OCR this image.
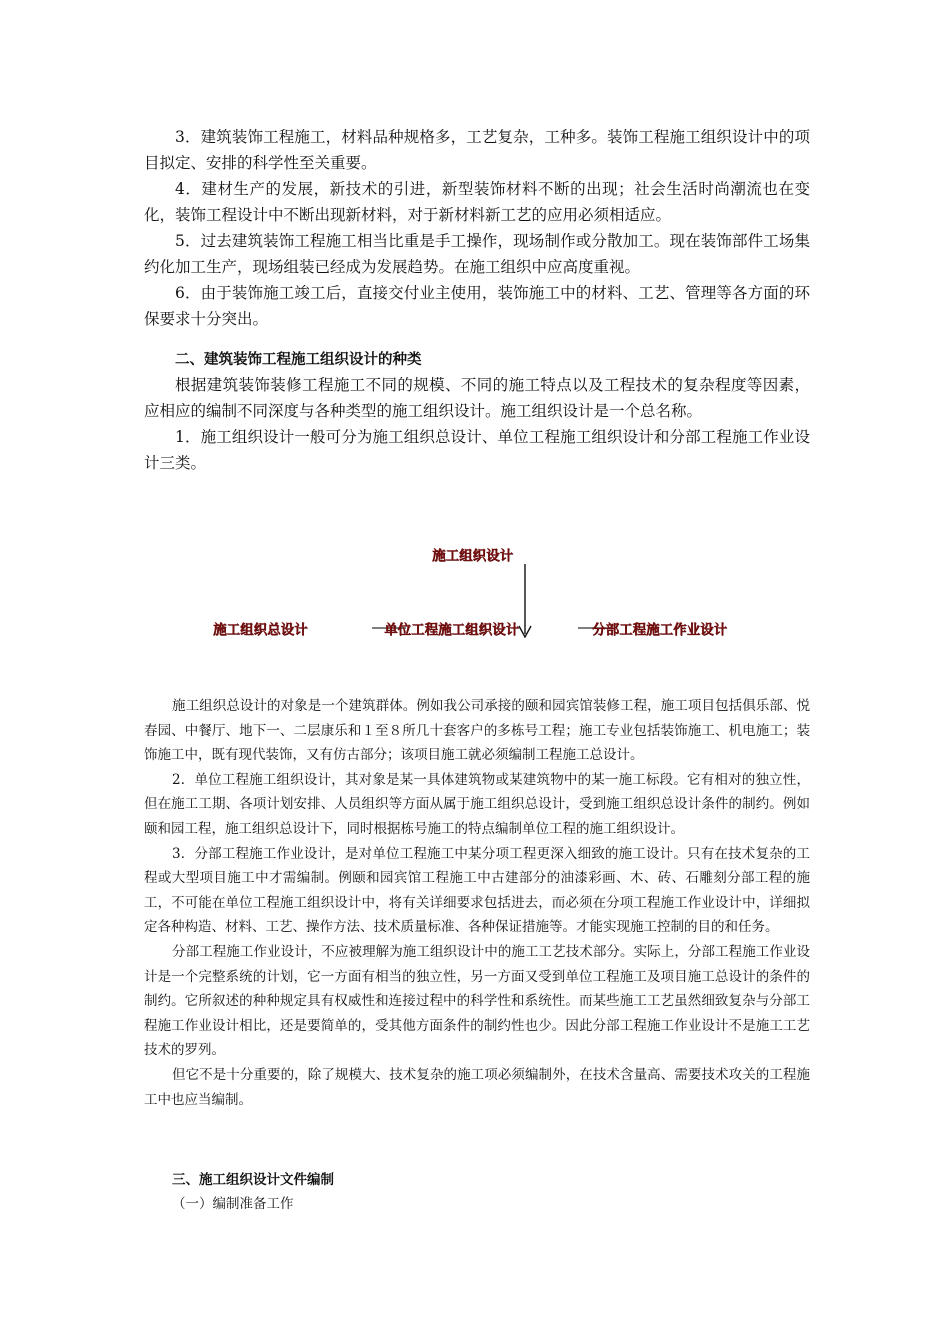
3．建筑装饰工程施工，材料品种规格多，工艺复杂，工种多。装饰工程施工组织设计中的项目拟定、安排的科学性至关重要。

4．建材生产的发展，新技术的引进，新型装饰材料不断的出现；社会生活时尚潮流也在变化，装饰工程设计中不断出现新材料，对于新材料新工艺的应用必须相适应。

5．过去建筑装饰工程施工相当比重是手工操作，现场制作或分散加工。现在装饰部件工场集约化加工生产，现场组装已经成为发展趋势。在施工组织中应高度重视。

6．由于装饰施工竣工后，直接交付业主使用，装饰施工中的材料、工艺、管理等各方面的环保要求十分突出。

二、建筑装饰工程施工组织设计的种类

根据建筑装饰装修工程施工不同的规模、不同的施工特点以及工程技术的复杂程度等因素，应相应的编制不同深度与各种类型的施工组织设计。施工组织设计是一个总名称。

1．施工组织设计一般可分为施工组织总设计、单位工程施工组织设计和分部工程施工作业设计三类。

施工组织设计
施工组织总设计	单位工程施工组织设计	分部工程施工作业设计

施工组织总设计的对象是一个建筑群体。例如我公司承接的颐和园宾馆装修工程，施工项目包括俱乐部、悦春园、中餐厅、地下一、二层康乐和１至８所几十套客户的多栋号工程；施工专业包括装饰施工、机电施工；装饰施工中，既有现代装饰，又有仿古部分；该项目施工就必须编制工程施工总设计。

2．单位工程施工组织设计，其对象是某一具体建筑物或某建筑物中的某一施工标段。它有相对的独立性，但在施工工期、各项计划安排、人员组织等方面从属于施工组织总设计，受到施工组织总设计条件的制约。例如颐和园工程，施工组织总设计下，同时根据栋号施工的特点编制单位工程的施工组织设计。

3．分部工程施工作业设计，是对单位工程施工中某分项工程更深入细致的施工设计。只有在技术复杂的工程或大型项目施工中才需编制。例颐和园宾馆工程施工中古建部分的油漆彩画、木、砖、石雕刻分部工程的施工，不可能在单位工程施工组织设计中，将有关详细要求包括进去，而必须在分项工程施工作业设计中，详细拟定各种构造、材料、工艺、操作方法、技术质量标准、各种保证措施等。才能实现施工控制的目的和任务。

分部工程施工作业设计，不应被理解为施工组织设计中的施工工艺技术部分。实际上，分部工程施工作业设计是一个完整系统的计划，它一方面有相当的独立性，另一方面又受到单位工程施工及项目施工总设计的条件的制约。它所叙述的种种规定具有权威性和连接过程中的科学性和系统性。而某些施工工艺虽然细致复杂与分部工程施工作业设计相比，还是要简单的，受其他方面条件的制约性也少。因此分部工程施工作业设计不是施工工艺技术的罗列。

但它不是十分重要的，除了规模大、技术复杂的施工项必须编制外，在技术含量高、需要技术攻关的工程施工中也应当编制。

三、施工组织设计文件编制

（一）编制准备工作
